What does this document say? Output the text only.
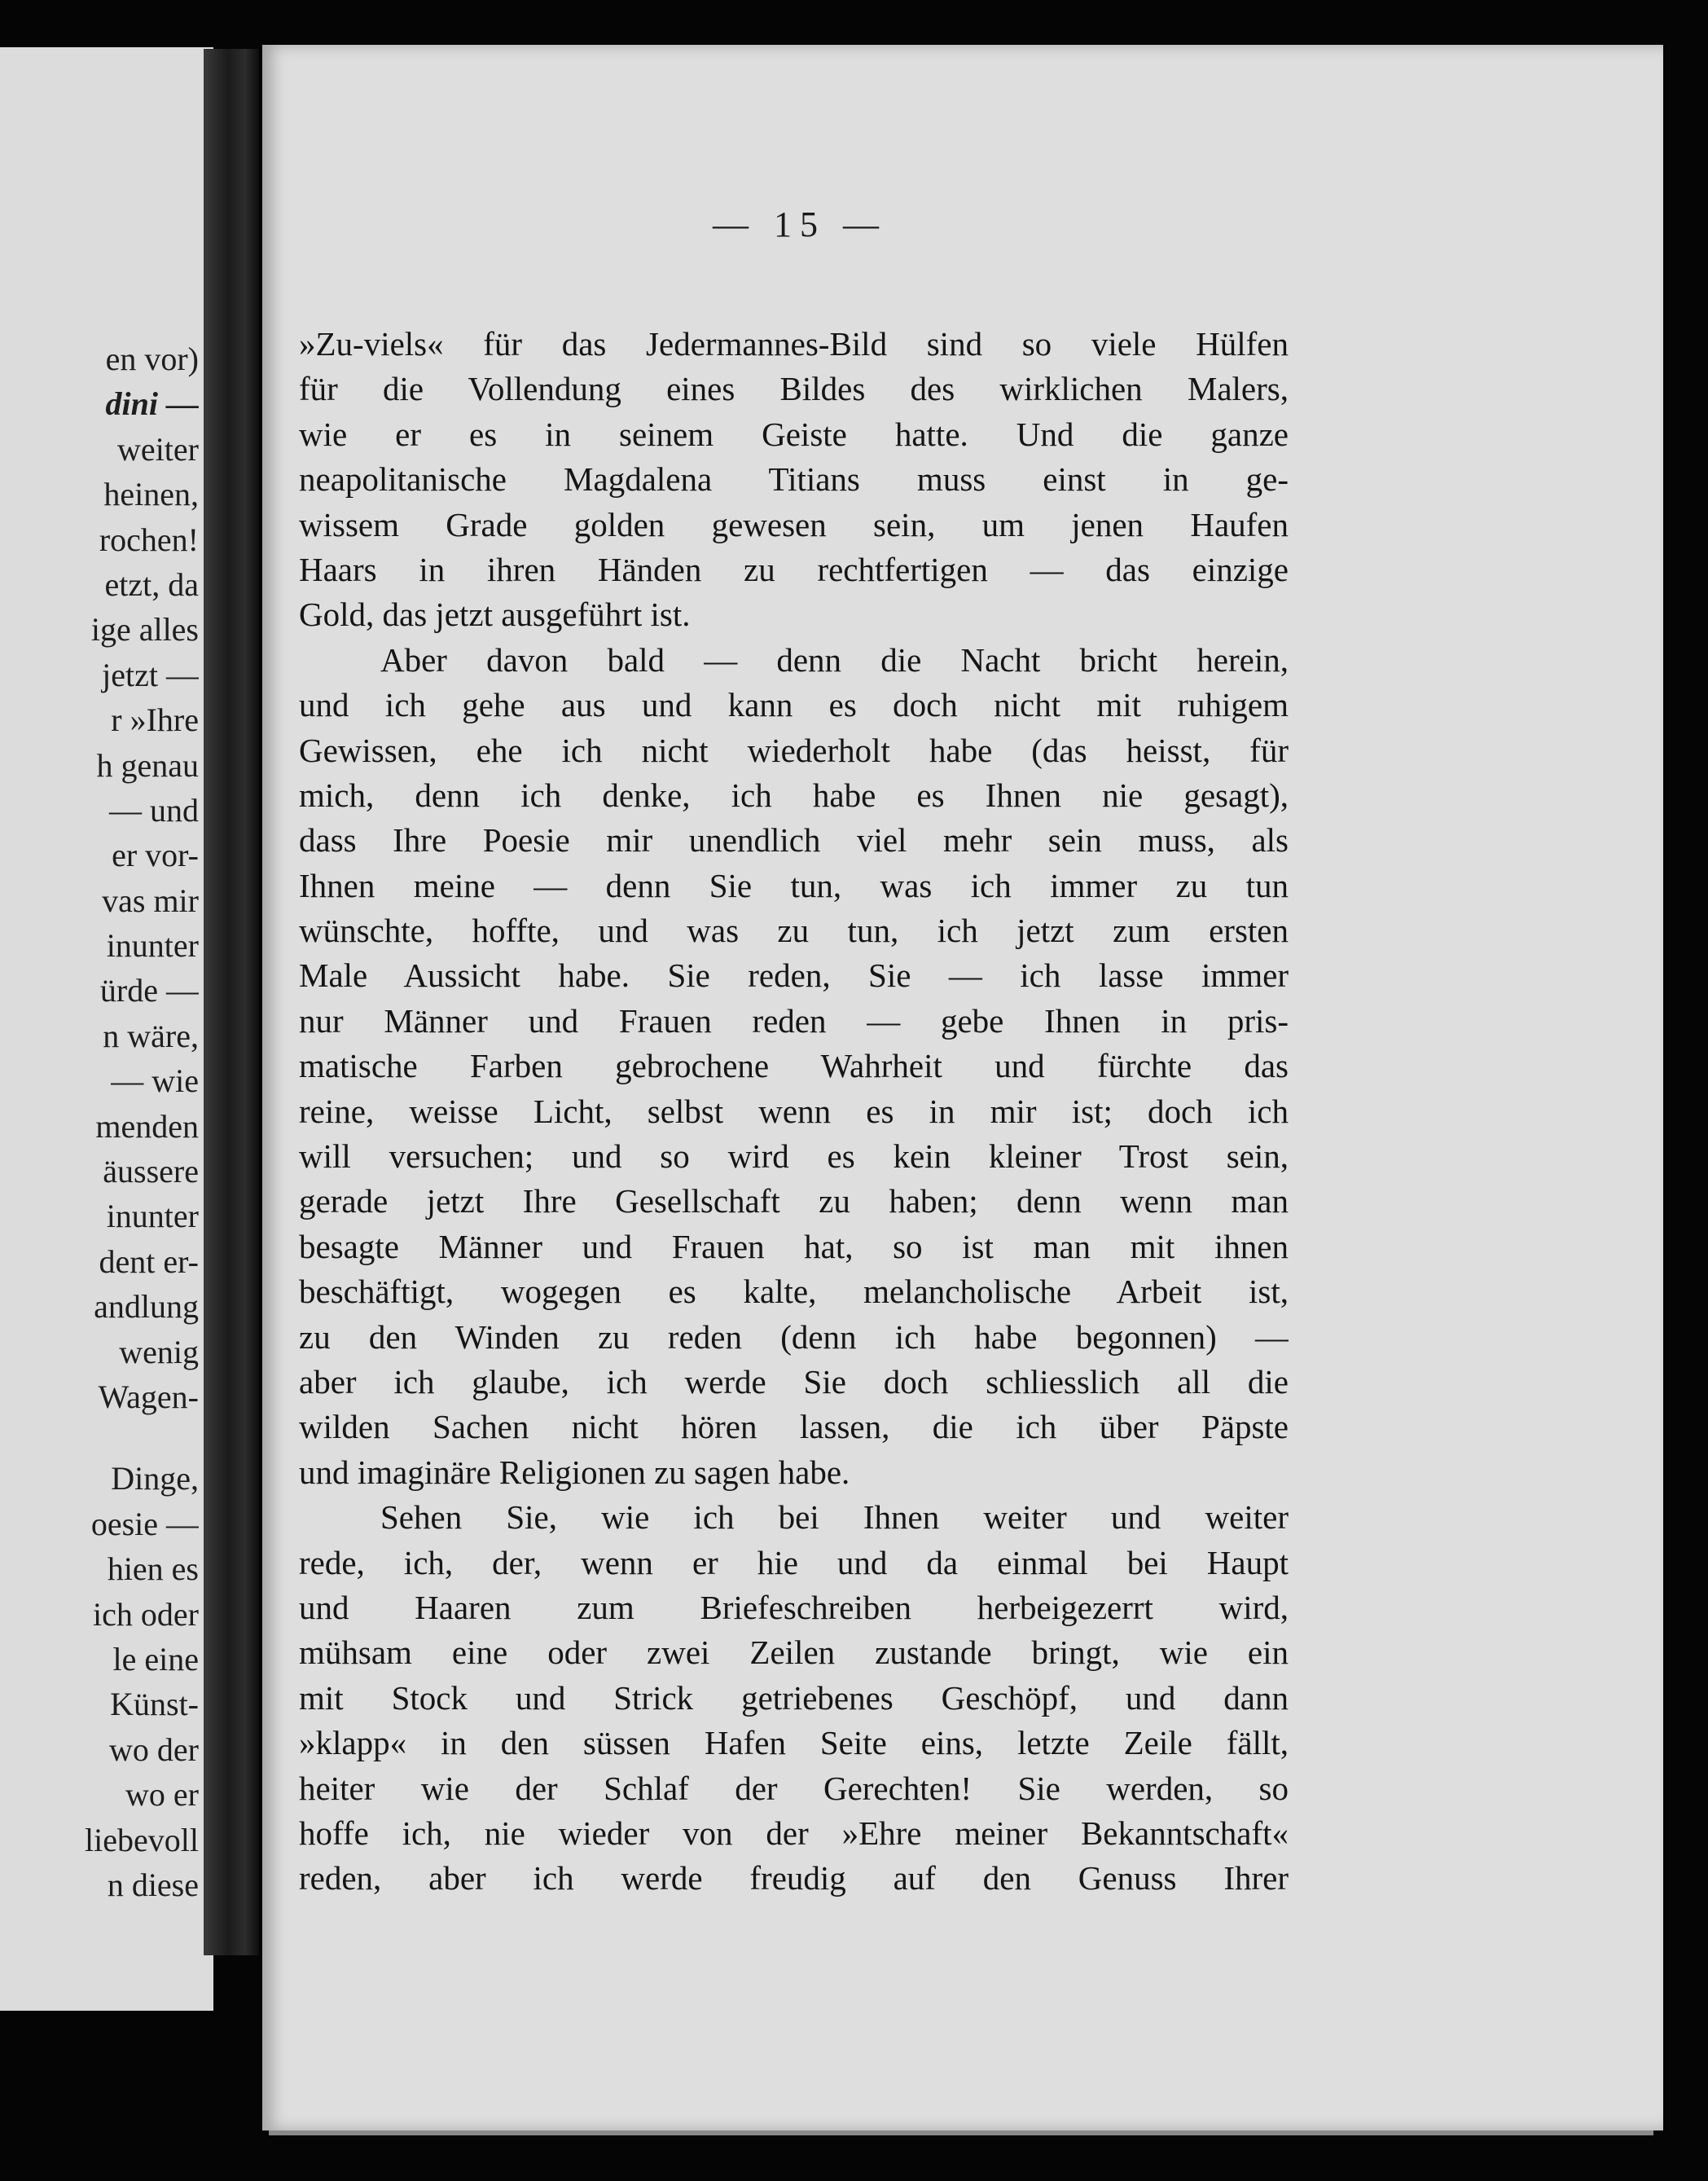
en vor)
dini —
weiter
heinen,
rochen!
etzt, da
ige alles
jetzt —
r »Ihre
h genau
— und
er vor-
vas mir
inunter
ürde —
n wäre,
— wie
menden
äussere
inunter
dent er-
andlung
wenig
Wagen-
Dinge,
oesie —
hien es
ich oder
le eine
Künst-
wo der
wo er
liebevoll
n diese
— 15 —
»Zu-viels« für das Jedermannes-Bild sind so viele Hülfen
für die Vollendung eines Bildes des wirklichen Malers,
wie er es in seinem Geiste hatte. Und die ganze
neapolitanische Magdalena Titians muss einst in ge-
wissem Grade golden gewesen sein, um jenen Haufen
Haars in ihren Händen zu rechtfertigen — das einzige
Gold, das jetzt ausgeführt ist.
Aber davon bald — denn die Nacht bricht herein,
und ich gehe aus und kann es doch nicht mit ruhigem
Gewissen, ehe ich nicht wiederholt habe (das heisst, für
mich, denn ich denke, ich habe es Ihnen nie gesagt),
dass Ihre Poesie mir unendlich viel mehr sein muss, als
Ihnen meine — denn Sie tun, was ich immer zu tun
wünschte, hoffte, und was zu tun, ich jetzt zum ersten
Male Aussicht habe. Sie reden, Sie — ich lasse immer
nur Männer und Frauen reden — gebe Ihnen in pris-
matische Farben gebrochene Wahrheit und fürchte das
reine, weisse Licht, selbst wenn es in mir ist; doch ich
will versuchen; und so wird es kein kleiner Trost sein,
gerade jetzt Ihre Gesellschaft zu haben; denn wenn man
besagte Männer und Frauen hat, so ist man mit ihnen
beschäftigt, wogegen es kalte, melancholische Arbeit ist,
zu den Winden zu reden (denn ich habe begonnen) —
aber ich glaube, ich werde Sie doch schliesslich all die
wilden Sachen nicht hören lassen, die ich über Päpste
und imaginäre Religionen zu sagen habe.
Sehen Sie, wie ich bei Ihnen weiter und weiter
rede, ich, der, wenn er hie und da einmal bei Haupt
und Haaren zum Briefeschreiben herbeigezerrt wird,
mühsam eine oder zwei Zeilen zustande bringt, wie ein
mit Stock und Strick getriebenes Geschöpf, und dann
»klapp« in den süssen Hafen Seite eins, letzte Zeile fällt,
heiter wie der Schlaf der Gerechten! Sie werden, so
hoffe ich, nie wieder von der »Ehre meiner Bekanntschaft«
reden, aber ich werde freudig auf den Genuss Ihrer
